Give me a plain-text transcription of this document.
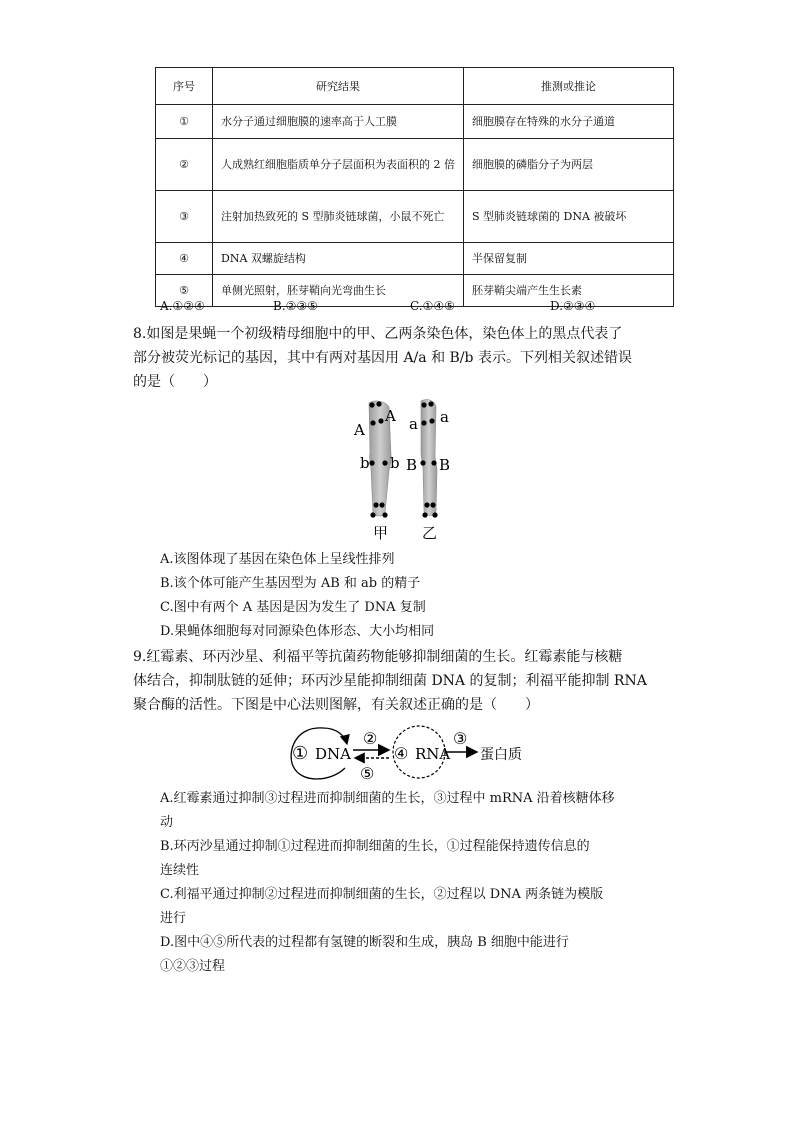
序号	研究结果	推测或推论
①	水分子通过细胞膜的速率高于人工膜	细胞膜存在特殊的水分子通道
②	人成熟红细胞脂质单分子层面积为表面积的 2 倍	细胞膜的磷脂分子为两层
③	注射加热致死的 S 型肺炎链球菌，小鼠不死亡	S 型肺炎链球菌的 DNA 被破坏
④	DNA 双螺旋结构	半保留复制
⑤	单侧光照射，胚芽鞘向光弯曲生长	胚芽鞘尖端产生生长素
A.①②④	B.②③⑤	C.①④⑤	D.②③④
8.如图是果蝇一个初级精母细胞中的甲、乙两条染色体，染色体上的黑点代表了
部分被荧光标记的基因，其中有两对基因用 A/a 和 B/b 表示。下列相关叙述错误
的是（　　）
A
A	a a
b b B B
甲 乙
A.该图体现了基因在染色体上呈线性排列
B.该个体可能产生基因型为 AB 和 ab 的精子
C.图中有两个 A 基因是因为发生了 DNA 复制
D.果蝇体细胞每对同源染色体形态、大小均相同
9.红霉素、环丙沙星、利福平等抗菌药物能够抑制细菌的生长。红霉素能与核糖
体结合，抑制肽链的延伸；环丙沙星能抑制细菌 DNA 的复制；利福平能抑制 RNA
聚合酶的活性。下图是中心法则图解，有关叙述正确的是（　　）
① DNA
②
⑤
④ RNA
③
蛋白质
A.红霉素通过抑制③过程进而抑制细菌的生长，③过程中 mRNA 沿着核糖体移
动
B.环丙沙星通过抑制①过程进而抑制细菌的生长，①过程能保持遗传信息的
连续性
C.利福平通过抑制②过程进而抑制细菌的生长，②过程以 DNA 两条链为模版
进行
D.图中④⑤所代表的过程都有氢键的断裂和生成，胰岛 B 细胞中能进行
①②③过程
